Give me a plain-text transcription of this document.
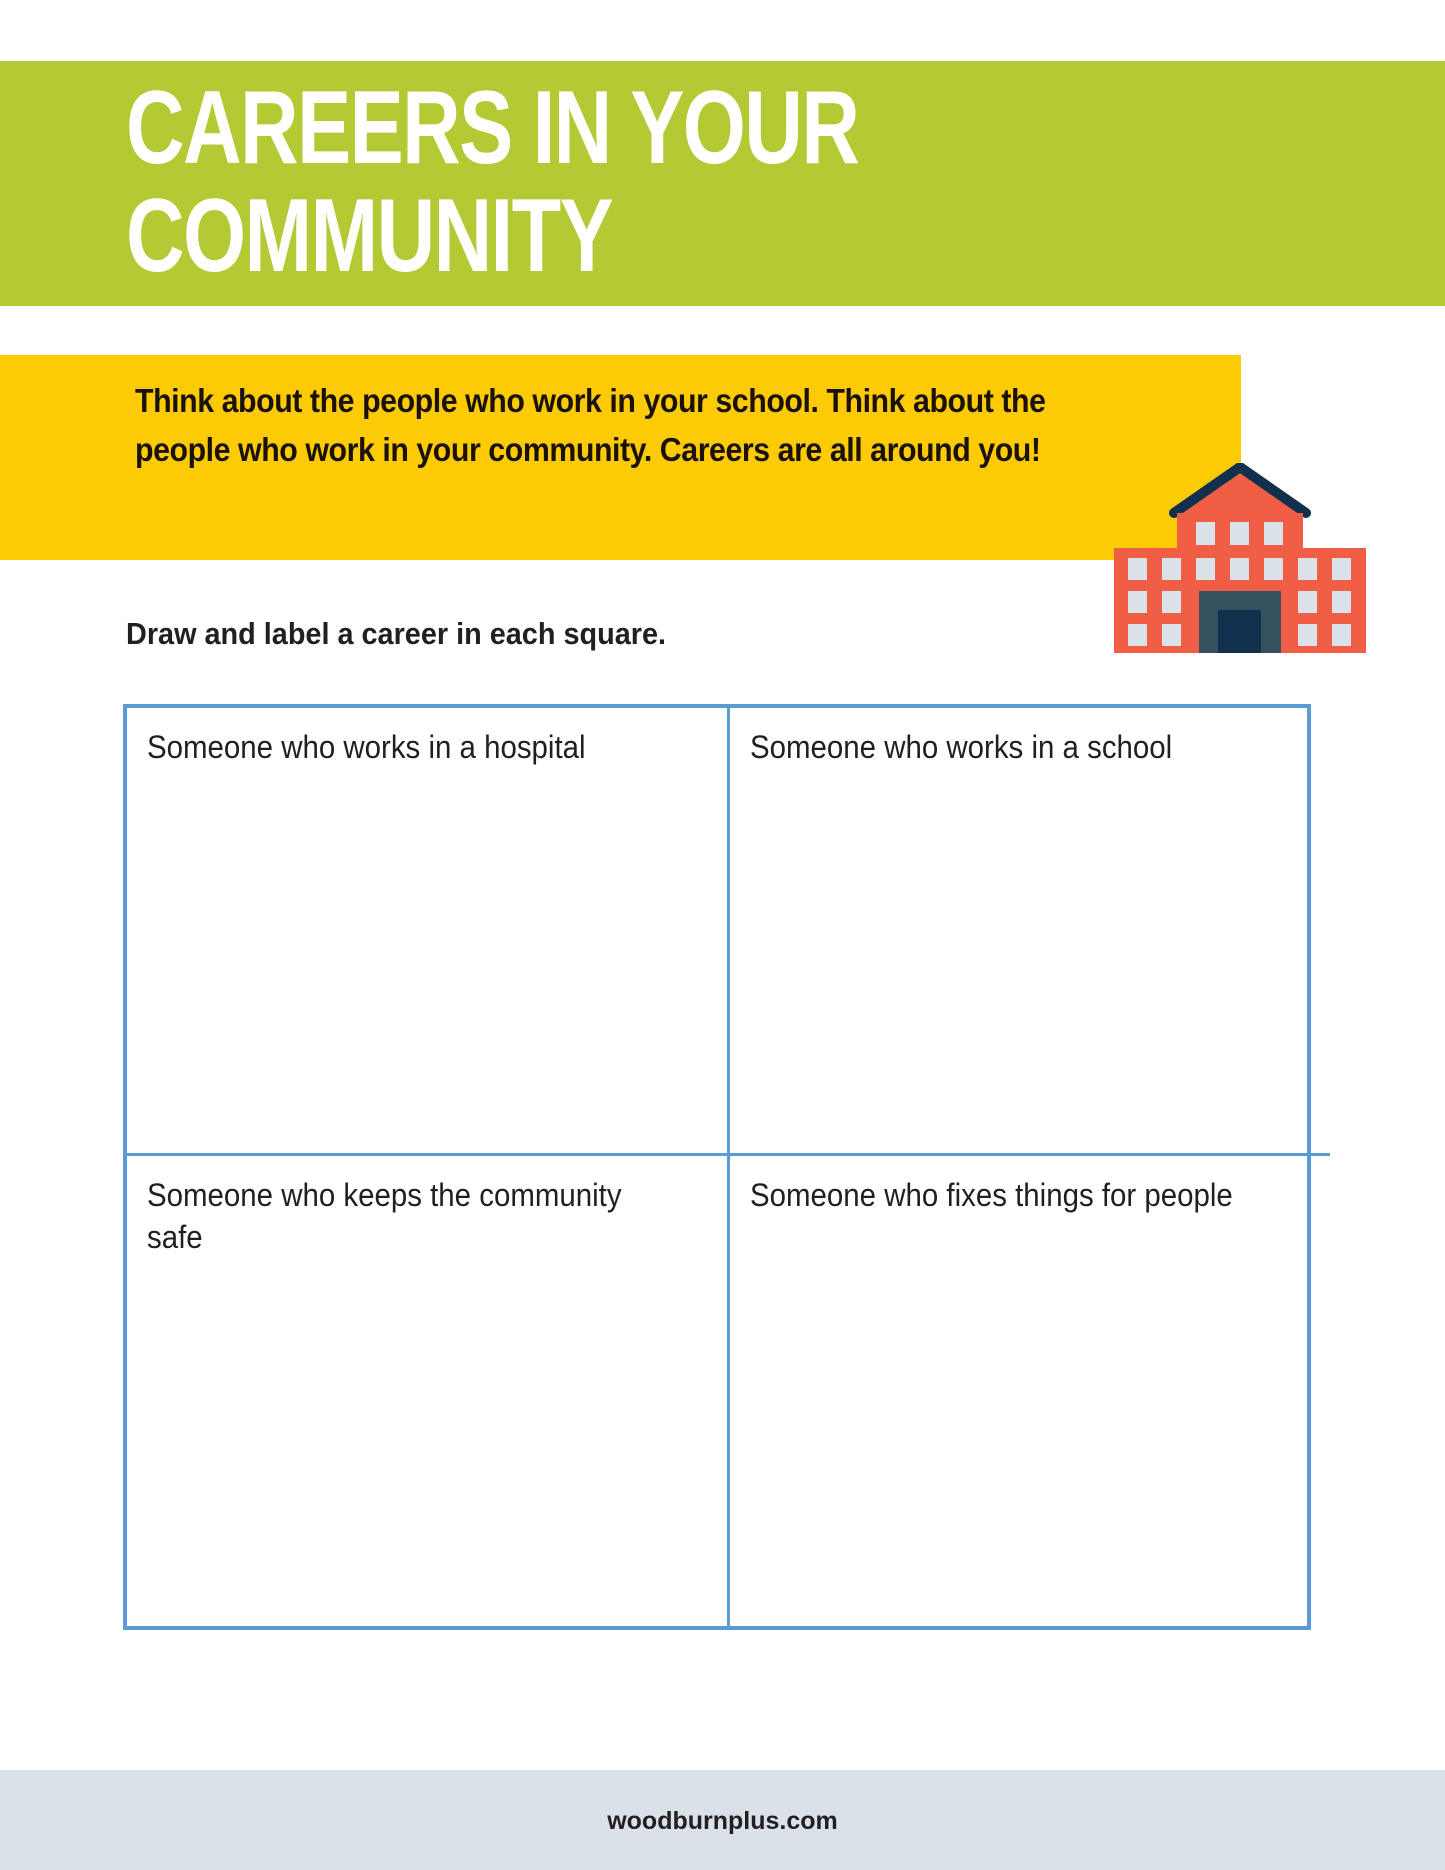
CAREERS IN YOUR
COMMUNITY

Think about the people who work in your school. Think about the people who work in your community. Careers are all around you!

Draw and label a career in each square.

Someone who works in a hospital	Someone who works in a school
Someone who keeps the community safe
Someone who fixes things for people
woodburnplus.com
